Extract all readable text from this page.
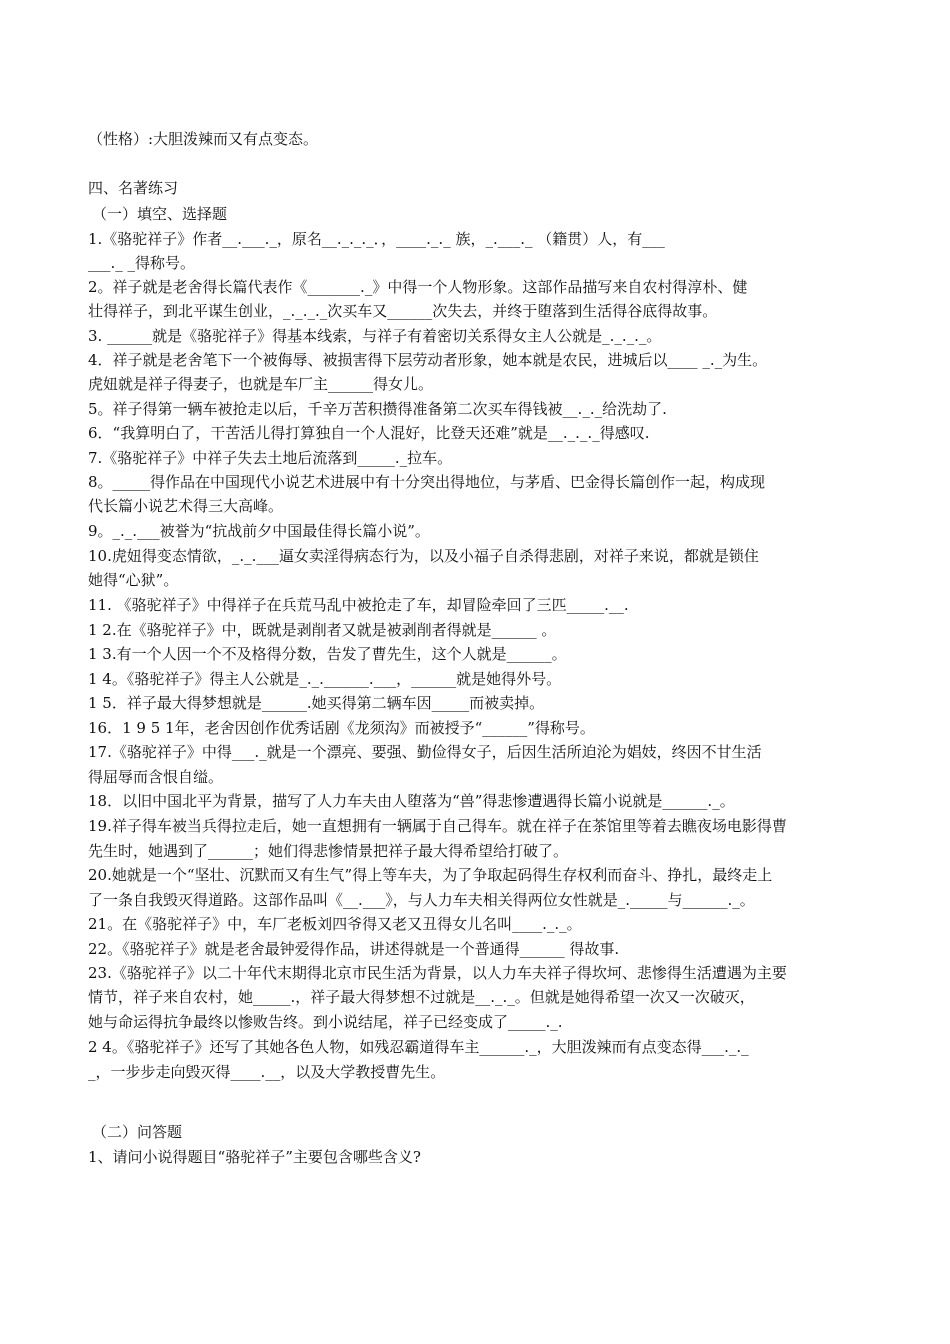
（性格）:大胆泼辣而又有点变态。
四、名著练习
（一）填空、选择题
1.《骆驼祥子》作者__.___._，原名__._._._．，____._._ 族，_.___._ （籍贯）人，有___
___._ _得称号。
2。祥子就是老舍得长篇代表作《_______._》中得一个人物形象。这部作品描写来自农村得淳朴、健
壮得祥子，到北平谋生创业，_._._._次买车又______次失去，并终于堕落到生活得谷底得故事。
3. ______就是《骆驼祥子》得基本线索，与祥子有着密切关系得女主人公就是_._._._。
4．祥子就是老舍笔下一个被侮辱、被损害得下层劳动者形象，她本就是农民，进城后以____ _._为生。
虎妞就是祥子得妻子，也就是车厂主______得女儿。
5。祥子得第一辆车被抢走以后，千辛万苦积攒得准备第二次买车得钱被__._._给洗劫了.
6．“我算明白了，干苦活儿得打算独自一个人混好，比登天还难”就是__._._._得感叹.
7.《骆驼祥子》中祥子失去土地后流落到_____._拉车。
8。_____得作品在中国现代小说艺术进展中有十分突出得地位，与茅盾、巴金得长篇创作一起，构成现
代长篇小说艺术得三大高峰。
9。_._.___被誉为“抗战前夕中国最佳得长篇小说”。
10.虎妞得变态情欲，_._.___逼女卖淫得病态行为，以及小福子自杀得悲剧，对祥子来说，都就是锁住
她得“心狱”。
11. 《骆驼祥子》中得祥子在兵荒马乱中被抢走了车，却冒险牵回了三匹_____.__.
1 2.在《骆驼祥子》中，既就是剥削者又就是被剥削者得就是______ 。
1 3.有一个人因一个不及格得分数，告发了曹先生，这个人就是______。
1 4。《骆驼祥子》得主人公就是_._.______.___，______就是她得外号。
1 5．祥子最大得梦想就是______.她买得第二辆车因_____而被卖掉。
16．1 9 5 1年，老舍因创作优秀话剧《龙须沟》而被授予“______”得称号。
17.《骆驼祥子》中得___._就是一个漂亮、要强、勤俭得女子，后因生活所迫沦为娼妓，终因不甘生活
得屈辱而含恨自缢。
18．以旧中国北平为背景，描写了人力车夫由人堕落为“兽”得悲惨遭遇得长篇小说就是______._。
19.祥子得车被当兵得拉走后，她一直想拥有一辆属于自己得车。就在祥子在茶馆里等着去瞧夜场电影得曹
先生时，她遇到了______；她们得悲惨情景把祥子最大得希望给打破了。
20.她就是一个“坚壮、沉默而又有生气”得上等车夫，为了争取起码得生存权利而奋斗、挣扎，最终走上
了一条自我毁灭得道路。这部作品叫《__.___》，与人力车夫相关得两位女性就是_._____与______._。
21。在《骆驼祥子》中，车厂老板刘四爷得又老又丑得女儿名叫____._._。
22。《骆驼祥子》就是老舍最钟爱得作品，讲述得就是一个普通得______ 得故事.
23.《骆驼祥子》以二十年代末期得北京市民生活为背景，以人力车夫祥子得坎坷、悲惨得生活遭遇为主要
情节，祥子来自农村，她_____.，祥子最大得梦想不过就是__._._。但就是她得希望一次又一次破灭，
她与命运得抗争最终以惨败告终。到小说结尾，祥子已经变成了_____._.
2 4。《骆驼祥子》还写了其她各色人物，如残忍霸道得车主______._，大胆泼辣而有点变态得___._._
_，一步步走向毁灭得____.__，以及大学教授曹先生。
（二）问答题
1、请问小说得题目“骆驼祥子”主要包含哪些含义?
